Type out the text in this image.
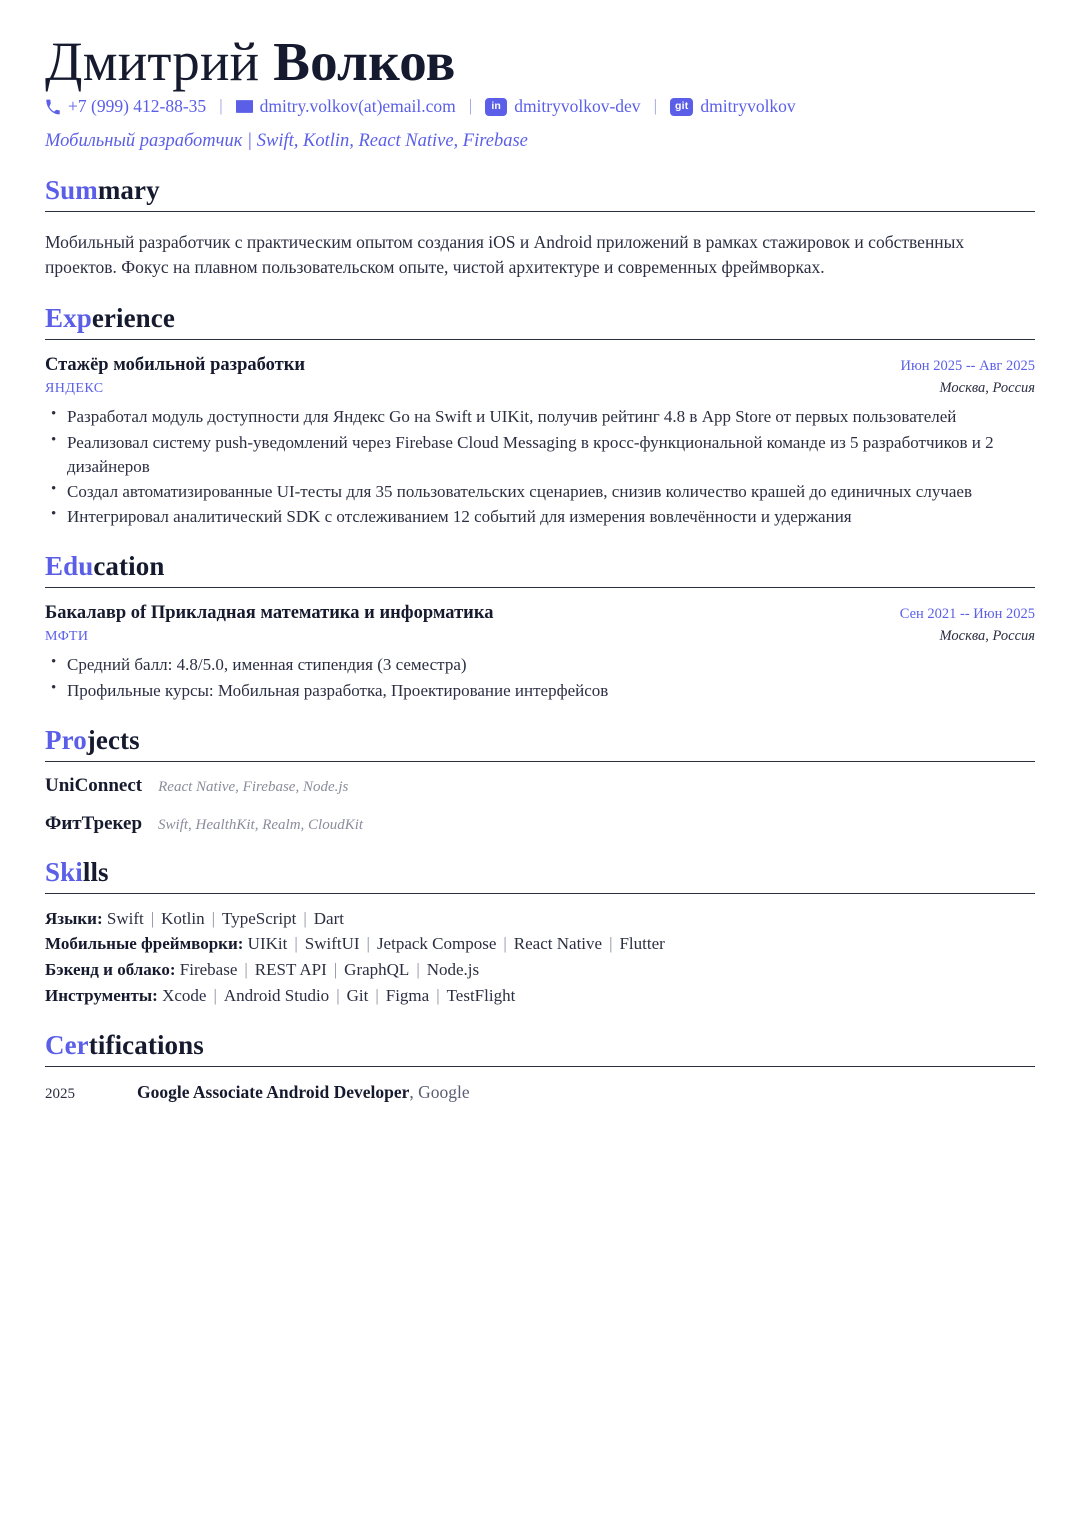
Дмитрий Волков
+7 (999) 412-88-35 |	dmitry.volkov(at)email.com |	in dmitryvolkov-dev |	git dmitryvolkov
Мобильный разработчик | Swift, Kotlin, React Native, Firebase
Summary

Мобильный разработчик с практическим опытом создания iOS и Android приложений в рамках стажировок и собственных проектов. Фокус на плавном пользовательском опыте, чистой архитектуре и современных фреймворках.

Experience
Стажёр мобильной разработки	Июн 2025 -- Авг 2025
ЯНДЕКС	Москва, Россия
• Разработал модуль доступности для Яндекс Go на Swift и UIKit, получив рейтинг 4.8 в App Store от первых пользователей
• Реализовал систему push-уведомлений через Firebase Cloud Messaging в кросс-функциональной команде из 5 разработчиков и 2 дизайнеров
• Создал автоматизированные UI-тесты для 35 пользовательских сценариев, снизив количество крашей до единичных случаев
• Интегрировал аналитический SDK с отслеживанием 12 событий для измерения вовлечённости и удержания
Education
Бакалавр of Прикладная математика и информатика	Сен 2021 -- Июн 2025
МФТИ	Москва, Россия
• Средний балл: 4.8/5.0, именная стипендия (3 семестра)
• Профильные курсы: Мобильная разработка, Проектирование интерфейсов
Projects
UniConnect React Native, Firebase, Node.js
ФитТрекер Swift, HealthKit, Realm, CloudKit
Skills
Языки: Swift | Kotlin | TypeScript | Dart
Мобильные фреймворки: UIKit | SwiftUI | Jetpack Compose | React Native | Flutter
Бэкенд и облако: Firebase | REST API | GraphQL | Node.js
Инструменты: Xcode | Android Studio | Git | Figma | TestFlight
Certifications
2025	Google Associate Android Developer, Google
